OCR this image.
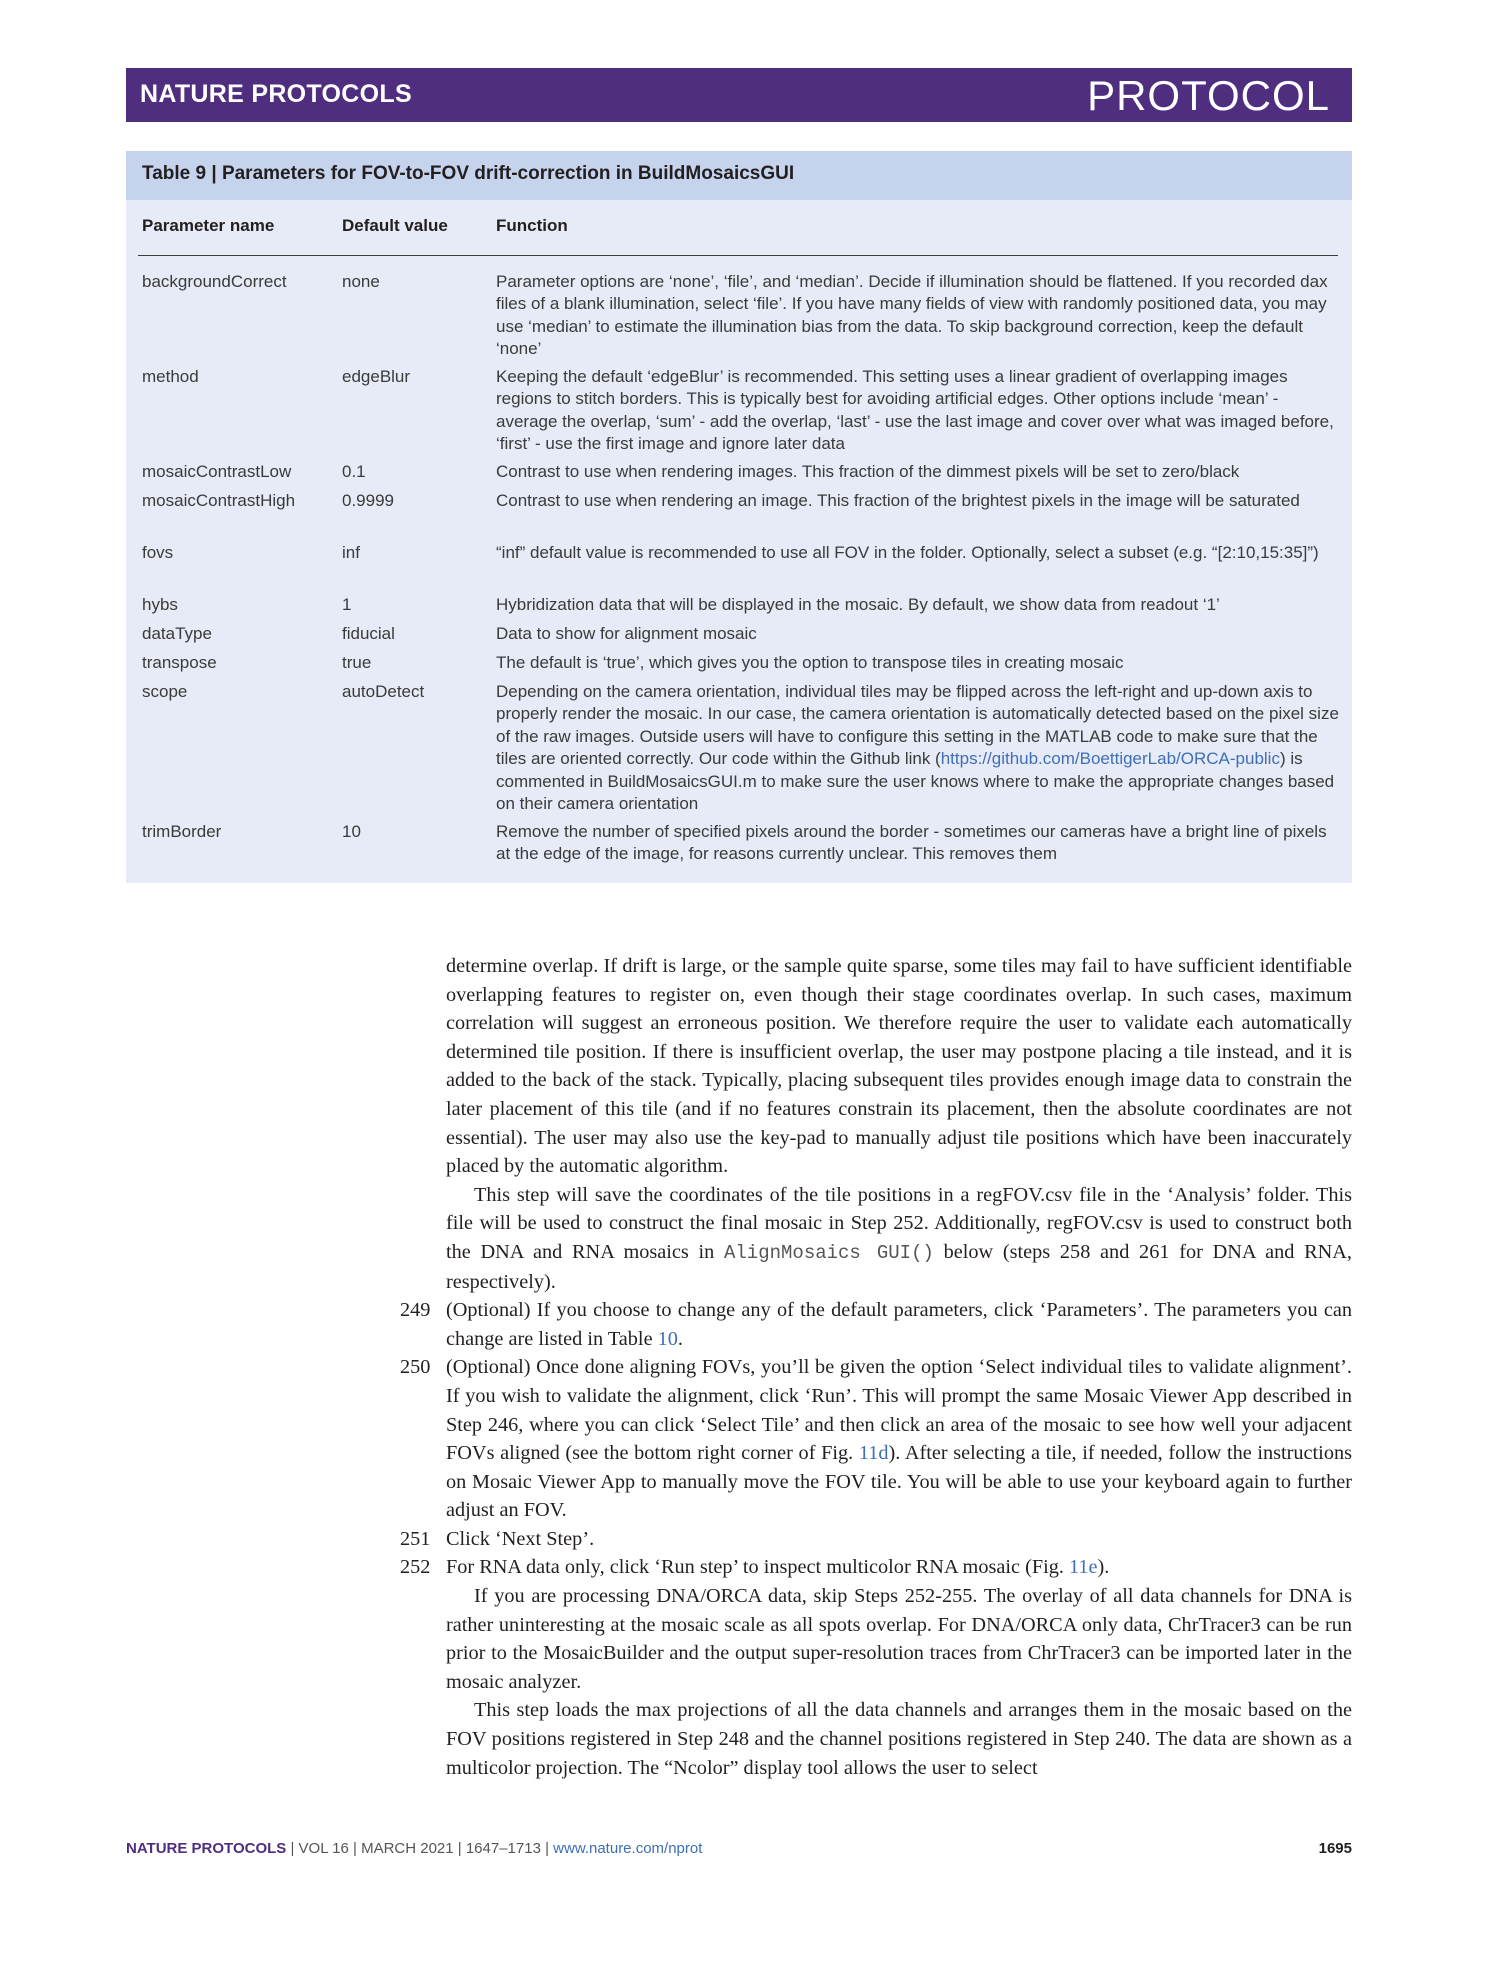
NATURE PROTOCOLS	PROTOCOL
Table 9 | Parameters for FOV-to-FOV drift-correction in BuildMosaicsGUI
Parameter name	Default value	Function
backgroundCorrect	none	Parameter options are ‘none’, ‘file’, and ‘median’. Decide if illumination should be flattened. If you recorded dax files of a blank illumination, select ‘file’. If you have many fields of view with randomly positioned data, you may use ‘median’ to estimate the illumination bias from the data. To skip background correction, keep the default ‘none’
method	edgeBlur	Keeping the default ‘edgeBlur’ is recommended. This setting uses a linear gradient of overlapping images regions to stitch borders. This is typically best for avoiding artificial edges. Other options include ‘mean’ - average the overlap, ‘sum’ - add the overlap, ‘last’ - use the last image and cover over what was imaged before, ‘first’ - use the first image and ignore later data
mosaicContrastLow	0.1	Contrast to use when rendering images. This fraction of the dimmest pixels will be set to zero/black
mosaicContrastHigh	0.9999	Contrast to use when rendering an image. This fraction of the brightest pixels in the image will be saturated
fovs	inf	“inf” default value is recommended to use all FOV in the folder. Optionally, select a subset (e.g. “[2:10,15:35]”)
hybs	1	Hybridization data that will be displayed in the mosaic. By default, we show data from readout ‘1’
dataType	fiducial	Data to show for alignment mosaic
transpose	true	The default is ‘true’, which gives you the option to transpose tiles in creating mosaic
scope	autoDetect	Depending on the camera orientation, individual tiles may be flipped across the left-right and up-down axis to properly render the mosaic. In our case, the camera orientation is automatically detected based on the pixel size of the raw images. Outside users will have to configure this setting in the MATLAB code to make sure that the tiles are oriented correctly. Our code within the Github link (https://github.com/BoettigerLab/ORCA-public) is commented in BuildMosaicsGUI.m to make sure the user knows where to make the appropriate changes based on their camera orientation
trimBorder	10	Remove the number of specified pixels around the border - sometimes our cameras have a bright line of pixels at the edge of the image, for reasons currently unclear. This removes them

determine overlap. If drift is large, or the sample quite sparse, some tiles may fail to have sufficient identifiable overlapping features to register on, even though their stage coordinates overlap. In such cases, maximum correlation will suggest an erroneous position. We therefore require the user to validate each automatically determined tile position. If there is insufficient overlap, the user may postpone placing a tile instead, and it is added to the back of the stack. Typically, placing subsequent tiles provides enough image data to constrain the later placement of this tile (and if no features constrain its placement, then the absolute coordinates are not essential). The user may also use the key-pad to manually adjust tile positions which have been inaccurately placed by the automatic algorithm.

This step will save the coordinates of the tile positions in a regFOV.csv file in the ‘Analysis’ folder. This file will be used to construct the final mosaic in Step 252. Additionally, regFOV.csv is used to construct both the DNA and RNA mosaics in AlignMosaics GUI() below (steps 258 and 261 for DNA and RNA, respectively).

249 (Optional) If you choose to change any of the default parameters, click ‘Parameters’. The parameters you can change are listed in Table 10.

250 (Optional) Once done aligning FOVs, you’ll be given the option ‘Select individual tiles to validate alignment’. If you wish to validate the alignment, click ‘Run’. This will prompt the same Mosaic Viewer App described in Step 246, where you can click ‘Select Tile’ and then click an area of the mosaic to see how well your adjacent FOVs aligned (see the bottom right corner of Fig. 11d). After selecting a tile, if needed, follow the instructions on Mosaic Viewer App to manually move the FOV tile. You will be able to use your keyboard again to further adjust an FOV.

251 Click ‘Next Step’.

252 For RNA data only, click ‘Run step’ to inspect multicolor RNA mosaic (Fig. 11e).

If you are processing DNA/ORCA data, skip Steps 252-255. The overlay of all data channels for DNA is rather uninteresting at the mosaic scale as all spots overlap. For DNA/ORCA only data, ChrTracer3 can be run prior to the MosaicBuilder and the output super-resolution traces from ChrTracer3 can be imported later in the mosaic analyzer.

This step loads the max projections of all the data channels and arranges them in the mosaic based on the FOV positions registered in Step 248 and the channel positions registered in Step 240. The data are shown as a multicolor projection. The “Ncolor” display tool allows the user to select

NATURE PROTOCOLS | VOL 16 | MARCH 2021 | 1647–1713 | www.nature.com/nprot	1695
